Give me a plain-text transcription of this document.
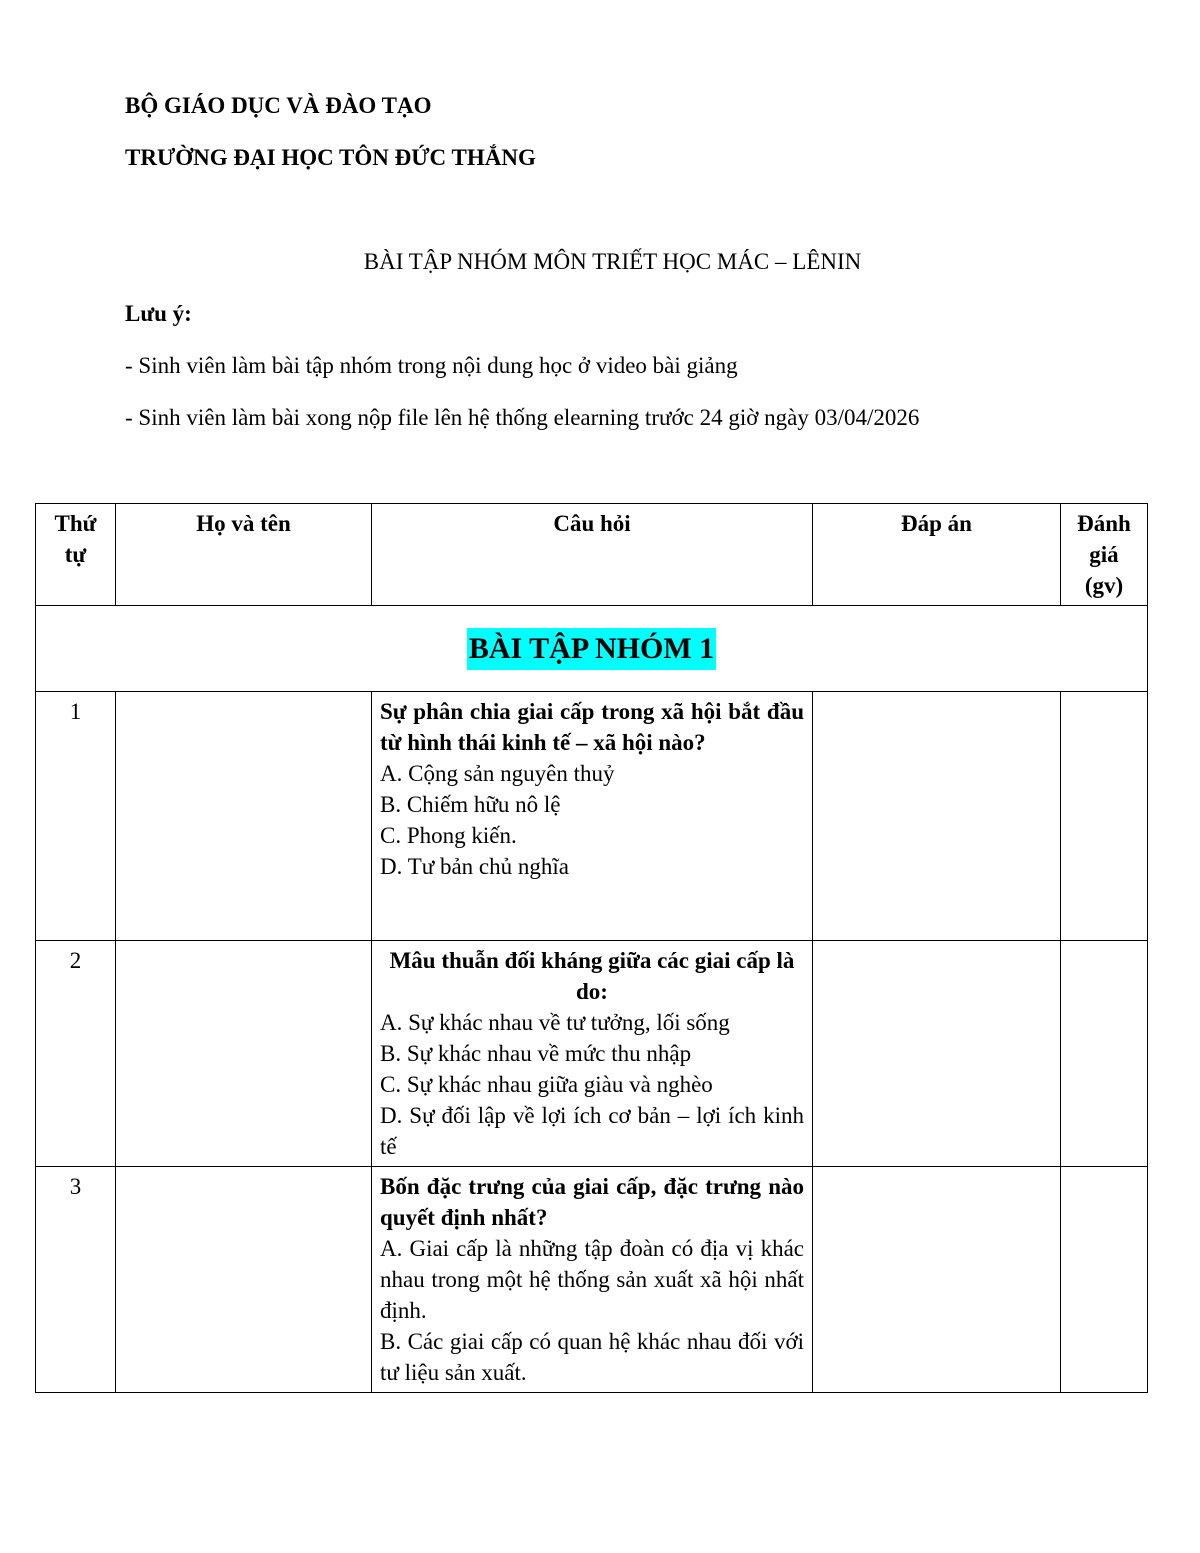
BỘ GIÁO DỤC VÀ ĐÀO TẠO
TRƯỜNG ĐẠI HỌC TÔN ĐỨC THẮNG
BÀI TẬP NHÓM MÔN TRIẾT HỌC MÁC – LÊNIN
Lưu ý:
- Sinh viên làm bài tập nhóm trong nội dung học ở video bài giảng
- Sinh viên làm bài xong nộp file lên hệ thống elearning trước 24 giờ ngày 03/04/2026
Thứ tự	Họ và tên	Câu hỏi	Đáp án	Đánh giá (gv)
BÀI TẬP NHÓM 1				
1		Sự phân chia giai cấp trong xã hội bắt đầu từ hình thái kinh tế – xã hội nào?
A. Cộng sản nguyên thuỷ
B. Chiếm hữu nô lệ
C. Phong kiến.
D. Tư bản chủ nghĩa		

2		Mâu thuẫn đối kháng giữa các giai cấp là do:
A. Sự khác nhau về tư tưởng, lối sống
B. Sự khác nhau về mức thu nhập
C. Sự khác nhau giữa giàu và nghèo
D. Sự đối lập về lợi ích cơ bản – lợi ích kinh tế		

3		Bốn đặc trưng của giai cấp, đặc trưng nào quyết định nhất?
A. Giai cấp là những tập đoàn có địa vị khác nhau trong một hệ thống sản xuất xã hội nhất định.
B. Các giai cấp có quan hệ khác nhau đối với tư liệu sản xuất.		
